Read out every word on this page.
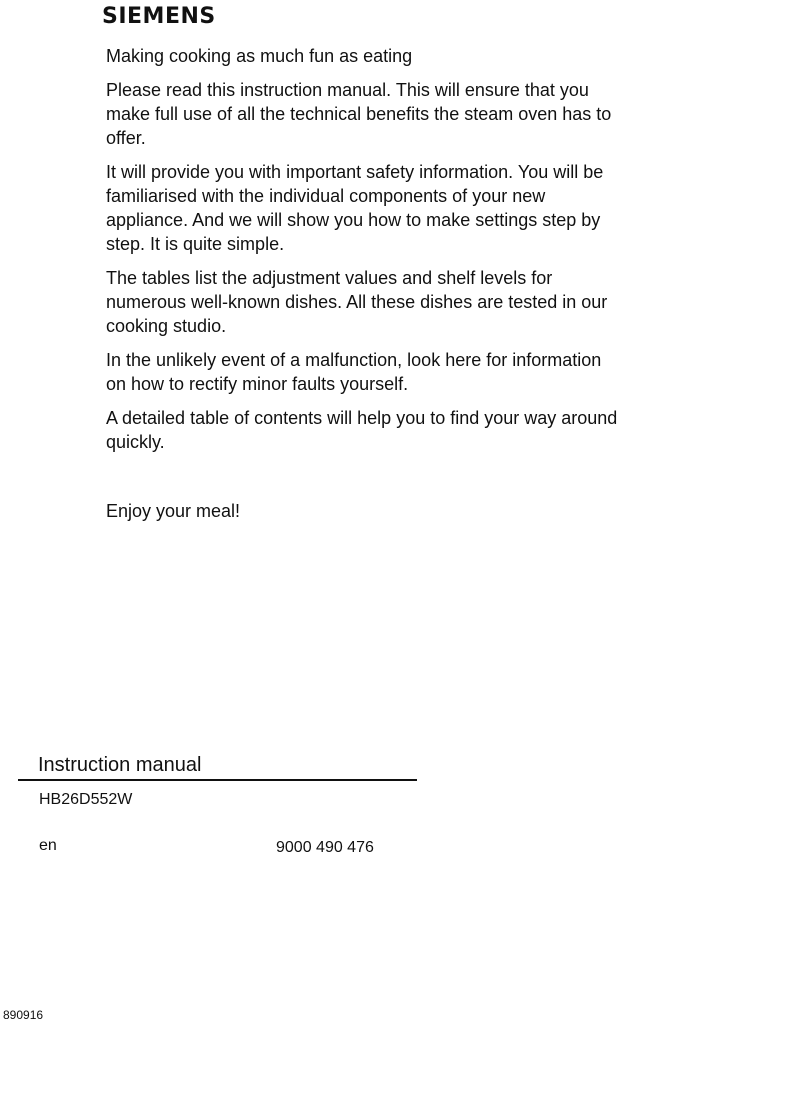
SIEMENS
Making cooking as much fun as eating

Please read this instruction manual. This will ensure that you make full use of all the technical benefits the steam oven has to offer.

It will provide you with important safety information. You will be familiarised with the individual components of your new appliance. And we will show you how to make settings step by step. It is quite simple.

The tables list the adjustment values and shelf levels for numerous well-known dishes. All these dishes are tested in our cooking studio.

In the unlikely event of a malfunction, look here for information on how to rectify minor faults yourself.

A detailed table of contents will help you to find your way around quickly.

Enjoy your meal!
Instruction manual
HB26D552W
en	9000 490 476
890916
